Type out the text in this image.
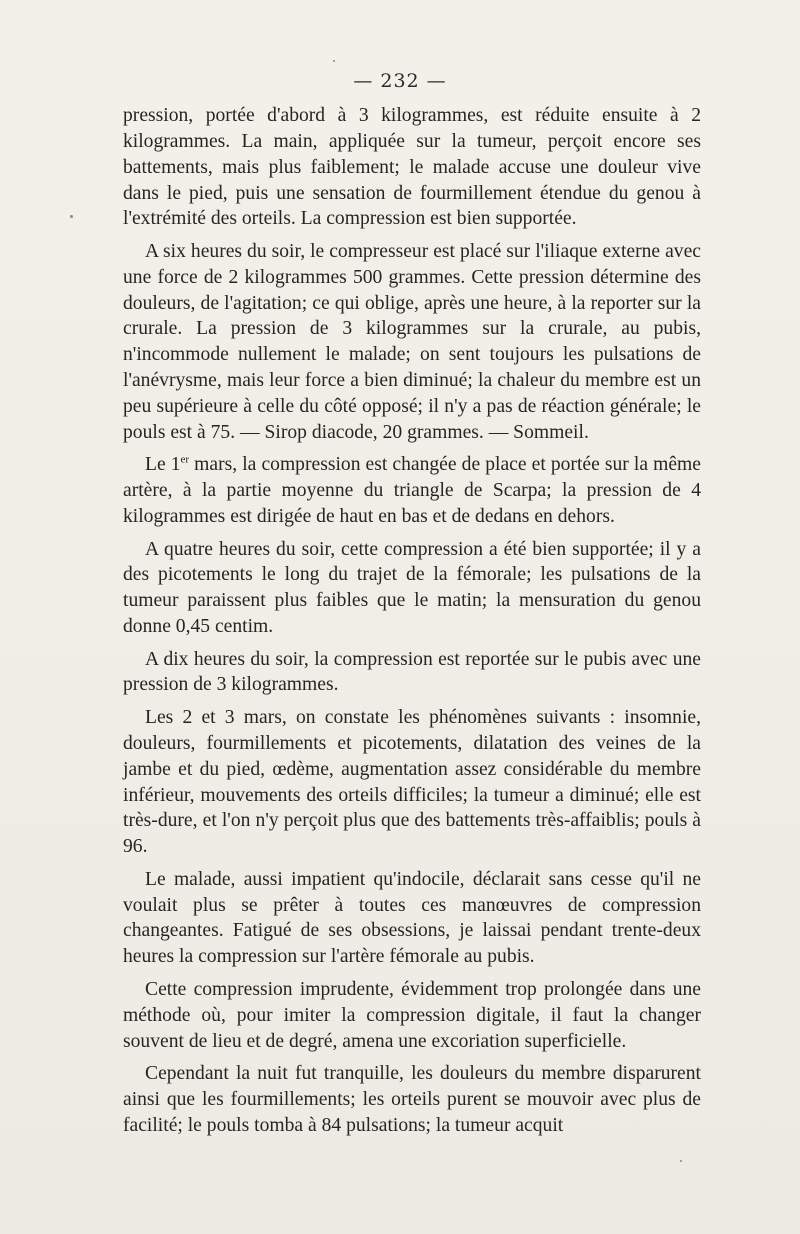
— 232 —

pression, portée d'abord à 3 kilogrammes, est réduite ensuite à 2 kilogrammes. La main, appliquée sur la tumeur, perçoit encore ses battements, mais plus faiblement; le malade accuse une douleur vive dans le pied, puis une sensation de fourmillement étendue du genou à l'extrémité des orteils. La compression est bien supportée.

A six heures du soir, le compresseur est placé sur l'iliaque externe avec une force de 2 kilogrammes 500 grammes. Cette pression détermine des douleurs, de l'agitation; ce qui oblige, après une heure, à la reporter sur la crurale. La pression de 3 kilogrammes sur la crurale, au pubis, n'incommode nullement le malade; on sent toujours les pulsations de l'anévrysme, mais leur force a bien diminué; la chaleur du membre est un peu supérieure à celle du côté opposé; il n'y a pas de réaction générale; le pouls est à 75. — Sirop diacode, 20 grammes. — Sommeil.

Le 1er mars, la compression est changée de place et portée sur la même artère, à la partie moyenne du triangle de Scarpa; la pression de 4 kilogrammes est dirigée de haut en bas et de dedans en dehors.

A quatre heures du soir, cette compression a été bien supportée; il y a des picotements le long du trajet de la fémorale; les pulsations de la tumeur paraissent plus faibles que le matin; la mensuration du genou donne 0,45 centim.

A dix heures du soir, la compression est reportée sur le pubis avec une pression de 3 kilogrammes.

Les 2 et 3 mars, on constate les phénomènes suivants : insomnie, douleurs, fourmillements et picotements, dilatation des veines de la jambe et du pied, œdème, augmentation assez considérable du membre inférieur, mouvements des orteils difficiles; la tumeur a diminué; elle est très-dure, et l'on n'y perçoit plus que des battements très-affaiblis; pouls à 96.

Le malade, aussi impatient qu'indocile, déclarait sans cesse qu'il ne voulait plus se prêter à toutes ces manœuvres de compression changeantes. Fatigué de ses obsessions, je laissai pendant trente-deux heures la compression sur l'artère fémorale au pubis.

Cette compression imprudente, évidemment trop prolongée dans une méthode où, pour imiter la compression digitale, il faut la changer souvent de lieu et de degré, amena une excoriation superficielle.

Cependant la nuit fut tranquille, les douleurs du membre disparurent ainsi que les fourmillements; les orteils purent se mouvoir avec plus de facilité; le pouls tomba à 84 pulsations; la tumeur acquit
